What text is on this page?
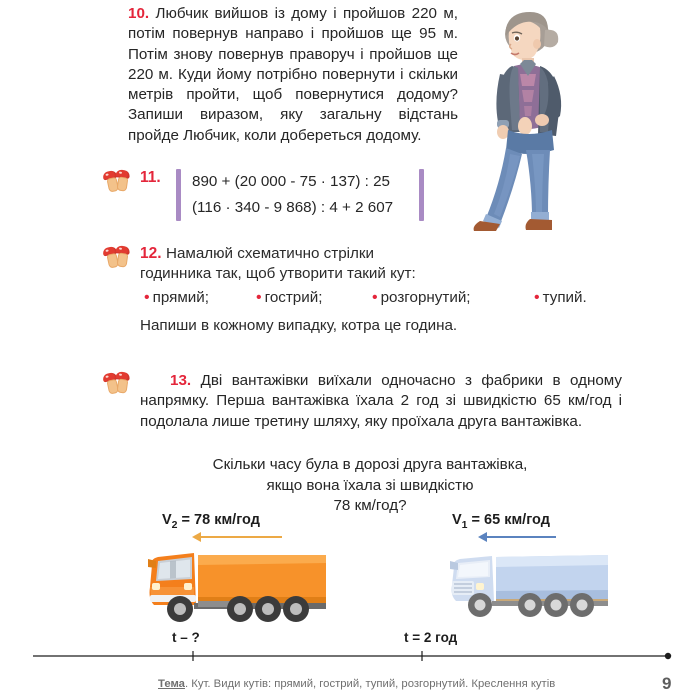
10. Любчик вийшов із дому і пройшов 220 м, потім повернув направо і пройшов ще 95 м. Потім знову повернув праворуч і пройшов ще 220 м. Куди йому потрібно повернути і скільки метрів пройти, щоб повернутися додому? Запиши виразом, яку загальну відстань пройде Любчик, коли добереться додому.

11. 890 + (20 000 - 75 · 137) : 25
(116 · 340 - 9 868) : 4 + 2 607
12. Намалюй схематично стрілки
годинника так, щоб утворити такий кут:
• прямий;	• гострий;	• розгорнутий;	• тупий.
Напиши в кожному випадку, котра це година.

13. Дві вантажівки виїхали одночасно з фабрики в одному напрямку. Перша вантажівка їхала 2 год зі швидкістю 65 км/год і подолала лише третину шляху, яку проїхала друга вантажівка.

Скільки часу була в дорозі друга вантажівка,
якщо вона їхала зі швидкістю
78 км/год?
$V_2 = 78$ км/год	$V_1 = 65$ км/год
t – ?	t = 2 год
Тема. Кут. Види кутів: прямий, гострий, тупий, розгорнутий. Креслення кутів	9
